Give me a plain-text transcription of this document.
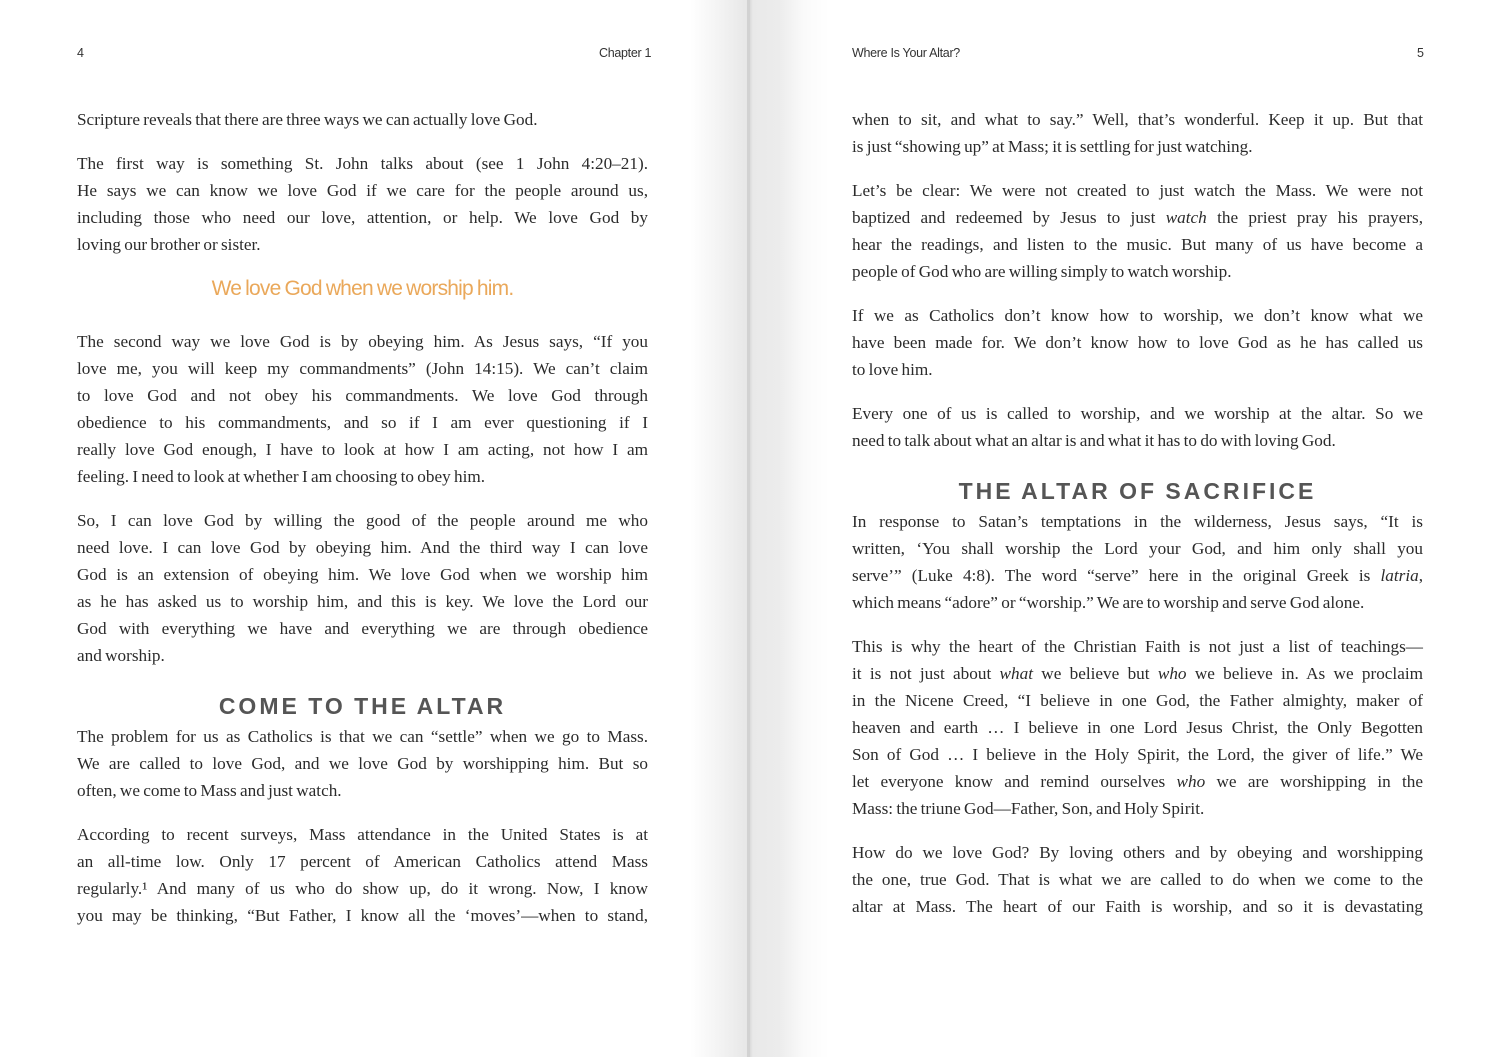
4	Chapter 1
Scripture reveals that there are three ways we can actually love God.
The first way is something St. John talks about (see 1 John 4:20–21).
He says we can know we love God if we care for the people around us,
including those who need our love, attention, or help. We love God by
loving our brother or sister.
We love God when we worship him.
The second way we love God is by obeying him. As Jesus says, “If you
love me, you will keep my commandments” (John 14:15). We can’t claim
to love God and not obey his commandments. We love God through
obedience to his commandments, and so if I am ever questioning if I
really love God enough, I have to look at how I am acting, not how I am
feeling. I need to look at whether I am choosing to obey him.
So, I can love God by willing the good of the people around me who
need love. I can love God by obeying him. And the third way I can love
God is an extension of obeying him. We love God when we worship him
as he has asked us to worship him, and this is key. We love the Lord our
God with everything we have and everything we are through obedience
and worship.
COME TO THE ALTAR
The problem for us as Catholics is that we can “settle” when we go to Mass.
We are called to love God, and we love God by worshipping him. But so
often, we come to Mass and just watch.
According to recent surveys, Mass attendance in the United States is at
an all-time low. Only 17 percent of American Catholics attend Mass
regularly.¹ And many of us who do show up, do it wrong. Now, I know
you may be thinking, “But Father, I know all the ‘moves’—when to stand,
Where Is Your Altar?	5
when to sit, and what to say.” Well, that’s wonderful. Keep it up. But that
is just “showing up” at Mass; it is settling for just watching.
Let’s be clear: We were not created to just watch the Mass. We were not
baptized and redeemed by Jesus to just watch the priest pray his prayers,
hear the readings, and listen to the music. But many of us have become a
people of God who are willing simply to watch worship.
If we as Catholics don’t know how to worship, we don’t know what we
have been made for. We don’t know how to love God as he has called us
to love him.
Every one of us is called to worship, and we worship at the altar. So we
need to talk about what an altar is and what it has to do with loving God.
THE ALTAR OF SACRIFICE
In response to Satan’s temptations in the wilderness, Jesus says, “It is
written, ‘You shall worship the Lord your God, and him only shall you
serve’” (Luke 4:8). The word “serve” here in the original Greek is latria,
which means “adore” or “worship.” We are to worship and serve God alone.
This is why the heart of the Christian Faith is not just a list of teachings—
it is not just about what we believe but who we believe in. As we proclaim
in the Nicene Creed, “I believe in one God, the Father almighty, maker of
heaven and earth … I believe in one Lord Jesus Christ, the Only Begotten
Son of God … I believe in the Holy Spirit, the Lord, the giver of life.” We
let everyone know and remind ourselves who we are worshipping in the
Mass: the triune God—Father, Son, and Holy Spirit.
How do we love God? By loving others and by obeying and worshipping
the one, true God. That is what we are called to do when we come to the
altar at Mass. The heart of our Faith is worship, and so it is devastating
